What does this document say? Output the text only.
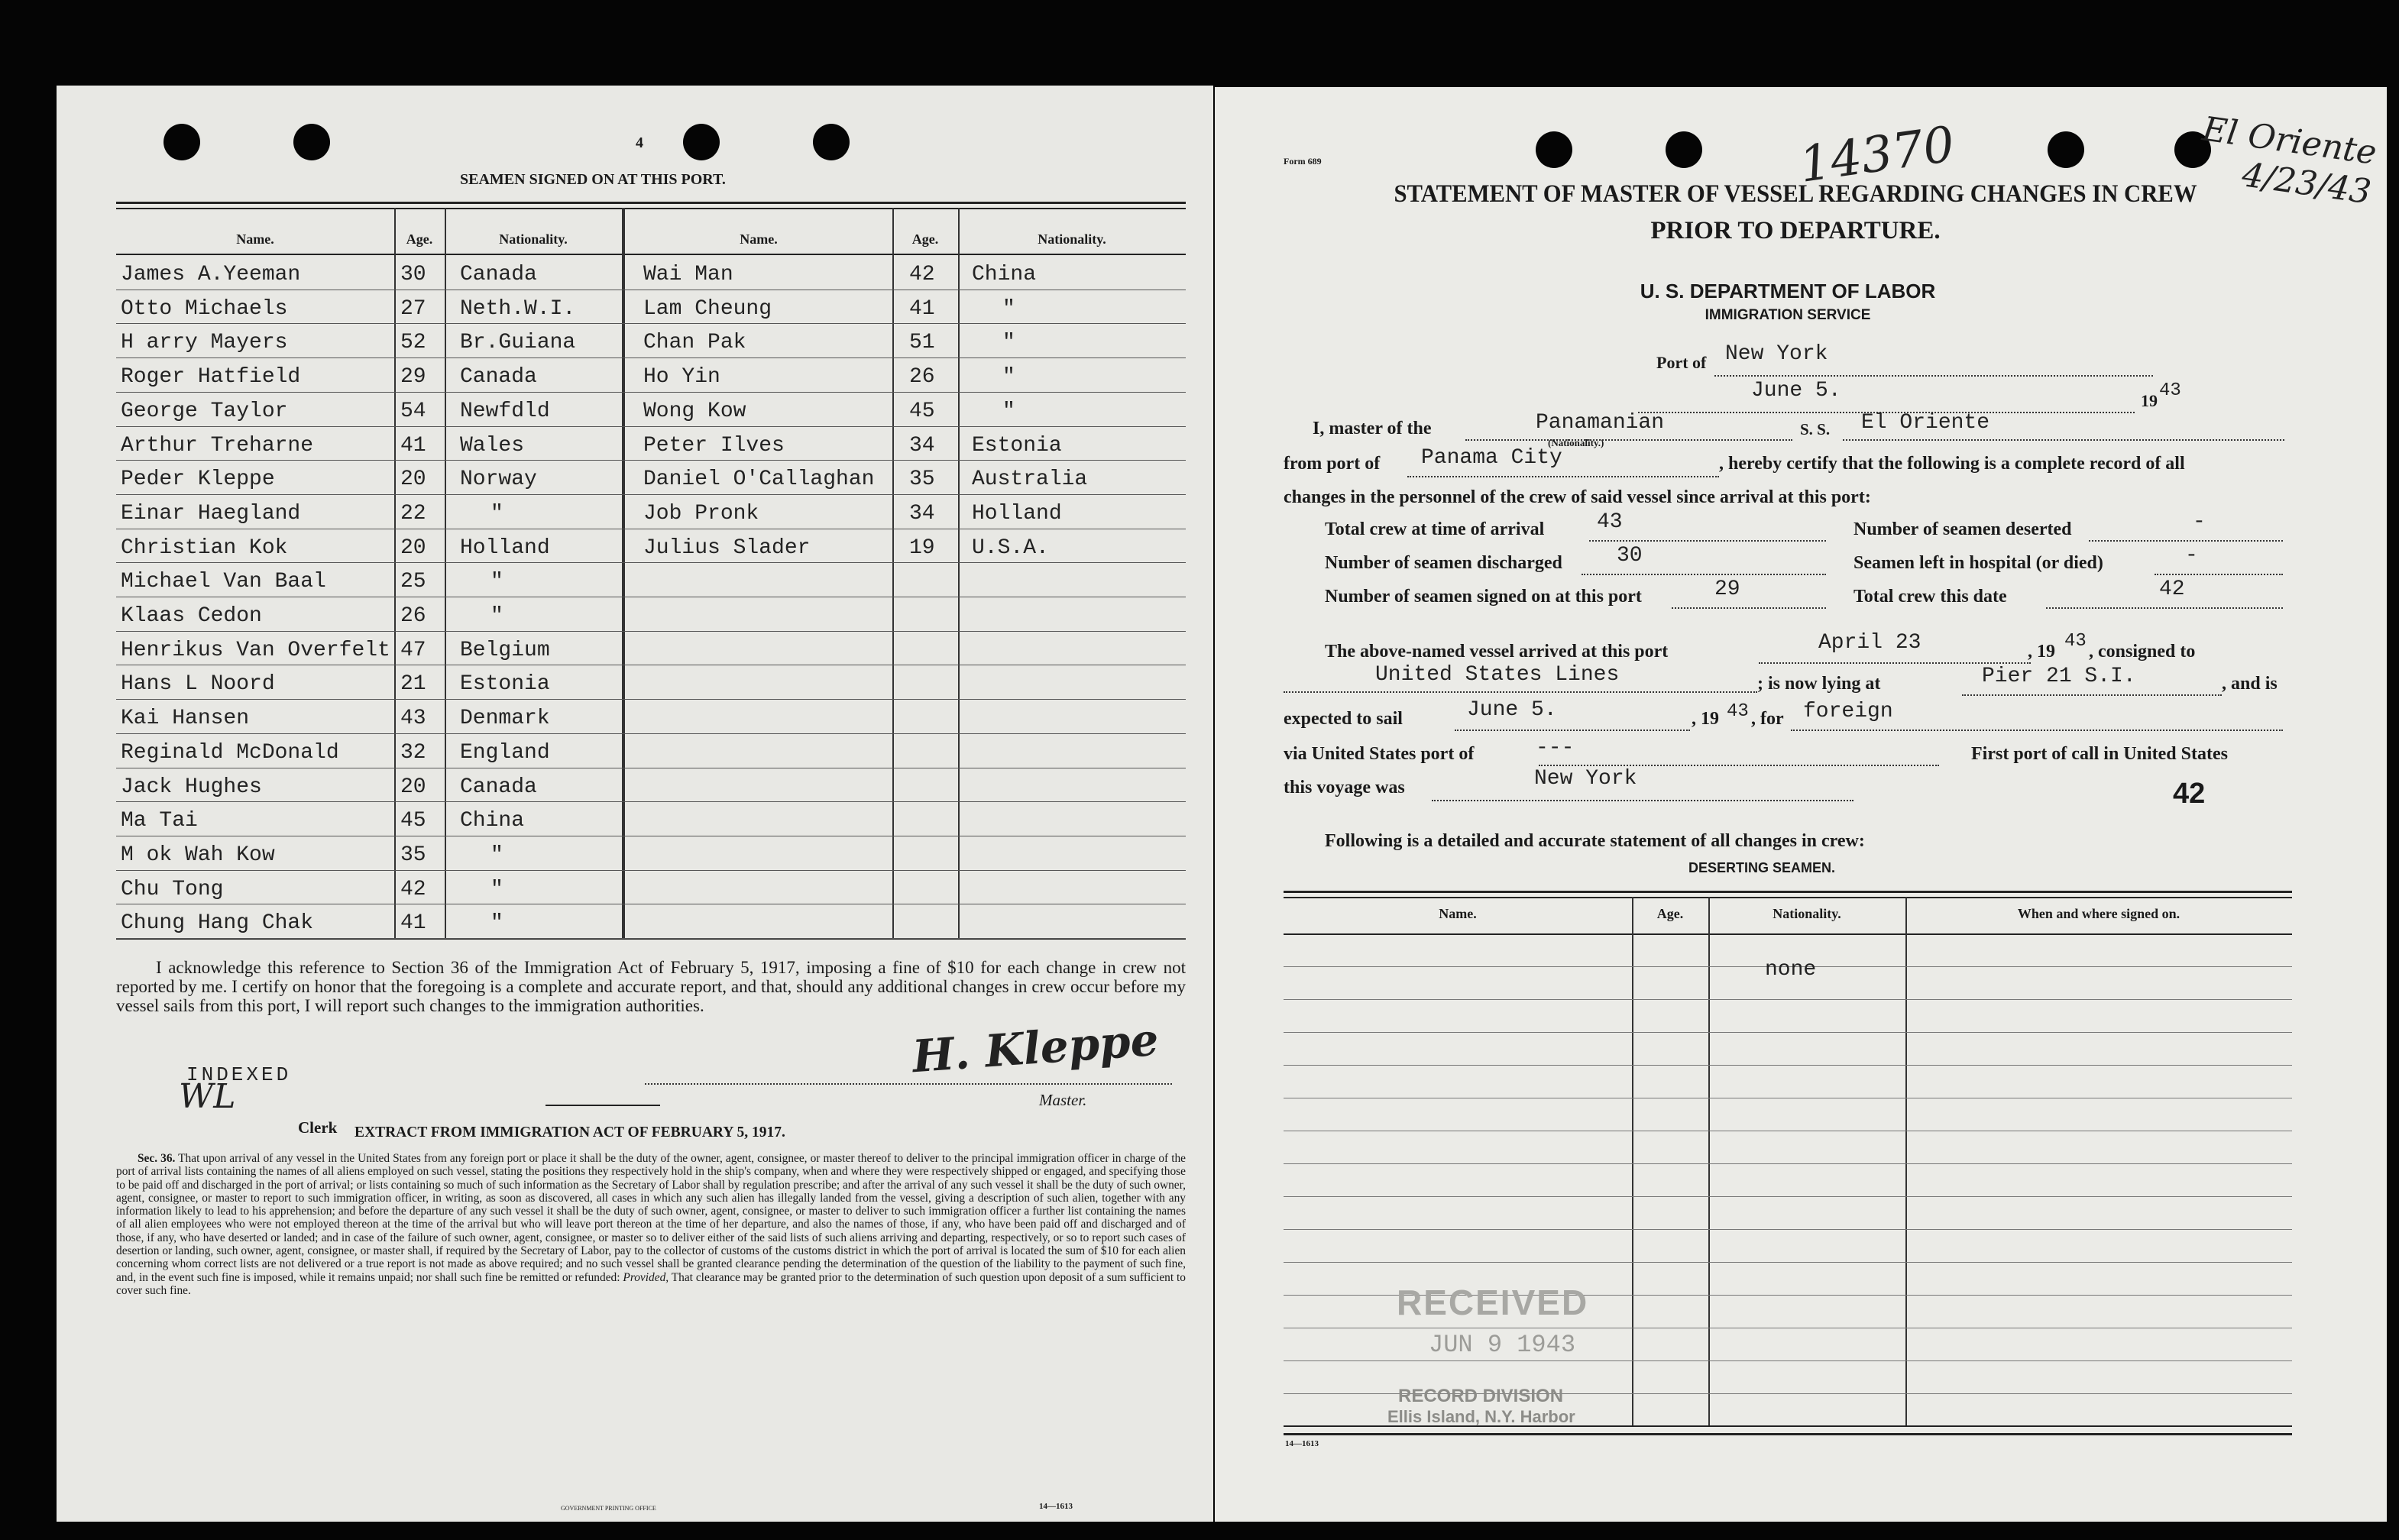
4
SEAMEN SIGNED ON AT THIS PORT.
Name.	Age.	Nationality.	Name.	Age.	Nationality.
James A.Yeeman	30 Canada
Otto Michaels	27 Neth.W.I.
H arry Mayers	52 Br.Guiana
Roger Hatfield	29 Canada
George Taylor	54 Newfdld
Arthur Treharne	41 Wales
Peder Kleppe	20 Norway
Einar Haegland	22	"
Christian Kok	20 Holland
Michael Van Baal	25	"
Klaas Cedon	26	"
Henrikus Van Overfelt 47 Belgium
Hans L Noord	21 Estonia
Kai Hansen	43 Denmark
Reginald McDonald	32 England
Jack Hughes	20 Canada
Ma Tai	45 China
M ok Wah Kow	35	"
Chu Tong	42	"
Chung Hang Chak	41	"
Wai Man	42 China
Lam Cheung	41	"
Chan Pak	51	"
Ho Yin	26	"
Wong Kow	45	"
Peter Ilves	34 Estonia
Daniel O'Callaghan 35 Australia
Job Pronk	34 Holland
Julius Slader	19 U.S.A.
I acknowledge this reference to Section 36 of the Immigration Act of February 5, 1917, imposing a fine of $10 for each change in crew not reported by me. I certify on honor that the foregoing is a complete and accurate report, and that, should any additional changes in crew occur before my vessel sails from this port, I will report such changes to the immigration authorities.
INDEXED
WL
H. Kleppe
Master.
Clerk EXTRACT FROM IMMIGRATION ACT OF FEBRUARY 5, 1917.
Sec. 36. That upon arrival of any vessel in the United States from any foreign port or place it shall be the duty of the owner, agent, consignee, or master thereof to deliver to the principal immigration officer in charge of the port of arrival lists containing the names of all aliens employed on such vessel, stating the positions they respectively hold in the ship's company, when and where they were respectively shipped or engaged, and specifying those to be paid off and discharged in the port of arrival; or lists containing so much of such information as the Secretary of Labor shall by regulation prescribe; and after the arrival of any such vessel it shall be the duty of such owner, agent, consignee, or master to report to such immigration officer, in writing, as soon as discovered, all cases in which any such alien has illegally landed from the vessel, giving a description of such alien, together with any information likely to lead to his apprehension; and before the departure of any such vessel it shall be the duty of such owner, agent, consignee, or master to deliver to such immigration officer a further list containing the names of all alien employees who were not employed thereon at the time of the arrival but who will leave port thereon at the time of her departure, and also the names of those, if any, who have been paid off and discharged and of those, if any, who have deserted or landed; and in case of the failure of such owner, agent, consignee, or master so to deliver either of the said lists of such aliens arriving and departing, respectively, or so to report such cases of desertion or landing, such owner, agent, consignee, or master shall, if required by the Secretary of Labor, pay to the collector of customs of the customs district in which the port of arrival is located the sum of $10 for each alien concerning whom correct lists are not delivered or a true report is not made as above required; and no such vessel shall be granted clearance pending the determination of the question of the liability to the payment of such fine, and, in the event such fine is imposed, while it remains unpaid; nor shall such fine be remitted or refunded: Provided, That clearance may be granted prior to the determination of such question upon deposit of a sum sufficient to cover such fine.
GOVERNMENT PRINTING OFFICE	14—1613
Form 689	14370	El Oriente 4/23/43
STATEMENT OF MASTER OF VESSEL REGARDING CHANGES IN CREW
PRIOR TO DEPARTURE.
U. S. DEPARTMENT OF LABOR
IMMIGRATION SERVICE
Port of New York
June 5.	19 43
I, master of the	Panamanian
(Nationality.)
S. S. El Oriente
from port of Panama City	, hereby certify that the following is a complete record of all
changes in the personnel of the crew of said vessel since arrival at this port:
Total crew at time of arrival 43	Number of seamen deserted	-
Number of seamen discharged	30	Seamen left in hospital (or died)	-
Number of seamen signed on at this port	29	Total crew this date	42
The above-named vessel arrived at this port	April 23	, 19 43 , consigned to
United States Lines	; is now lying at	Pier 21 S.I.	, and is
expected to sail	June 5.	, 19 43 , for foreign
via United States port of	---	First port of call in United States
this voyage was	New York	42
Following is a detailed and accurate statement of all changes in crew:
DESERTING SEAMEN.
Name.	Age.	Nationality.	When and where signed on.
none
RECEIVED
JUN 9 1943
RECORD DIVISION
Ellis Island, N.Y. Harbor
14—1613
